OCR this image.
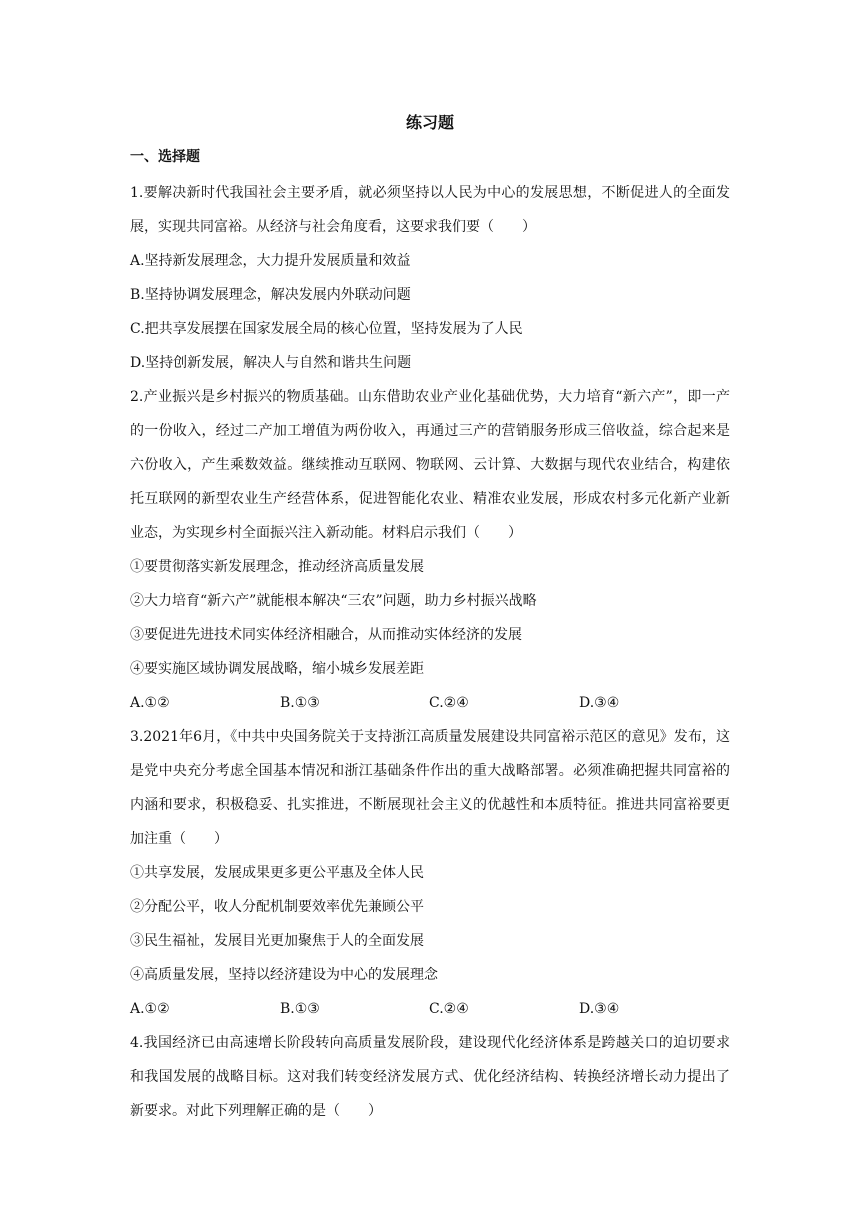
练习题
一、选择题

1.要解决新时代我国社会主要矛盾，就必须坚持以人民为中心的发展思想，不断促进人的全面发展，实现共同富裕。从经济与社会角度看，这要求我们要（　　）

A.坚持新发展理念，大力提升发展质量和效益

B.坚持协调发展理念，解决发展内外联动问题

C.把共享发展摆在国家发展全局的核心位置，坚持发展为了人民

D.坚持创新发展，解决人与自然和谐共生问题

2.产业振兴是乡村振兴的物质基础。山东借助农业产业化基础优势，大力培育“新六产”，即一产的一份收入，经过二产加工增值为两份收入，再通过三产的营销服务形成三倍收益，综合起来是六份收入，产生乘数效益。继续推动互联网、物联网、云计算、大数据与现代农业结合，构建依托互联网的新型农业生产经营体系，促进智能化农业、精准农业发展，形成农村多元化新产业新业态，为实现乡村全面振兴注入新动能。材料启示我们（　　）

①要贯彻落实新发展理念，推动经济高质量发展

②大力培育“新六产”就能根本解决“三农”问题，助力乡村振兴战略

③要促进先进技术同实体经济相融合，从而推动实体经济的发展

④要实施区域协调发展战略，缩小城乡发展差距

A.①②	B.①③	C.②④	D.③④

3.2021年6月，《中共中央国务院关于支持浙江高质量发展建设共同富裕示范区的意见》发布，这是党中央充分考虑全国基本情况和浙江基础条件作出的重大战略部署。必须准确把握共同富裕的内涵和要求，积极稳妥、扎实推进，不断展现社会主义的优越性和本质特征。推进共同富裕要更加注重（　　）

①共享发展，发展成果更多更公平惠及全体人民

②分配公平，收人分配机制要效率优先兼顾公平

③民生福祉，发展目光更加聚焦于人的全面发展

④高质量发展，坚持以经济建设为中心的发展理念

A.①②	B.①③	C.②④	D.③④

4.我国经济已由高速增长阶段转向高质量发展阶段，建设现代化经济体系是跨越关口的迫切要求和我国发展的战略目标。这对我们转变经济发展方式、优化经济结构、转换经济增长动力提出了新要求。对此下列理解正确的是（　　）
